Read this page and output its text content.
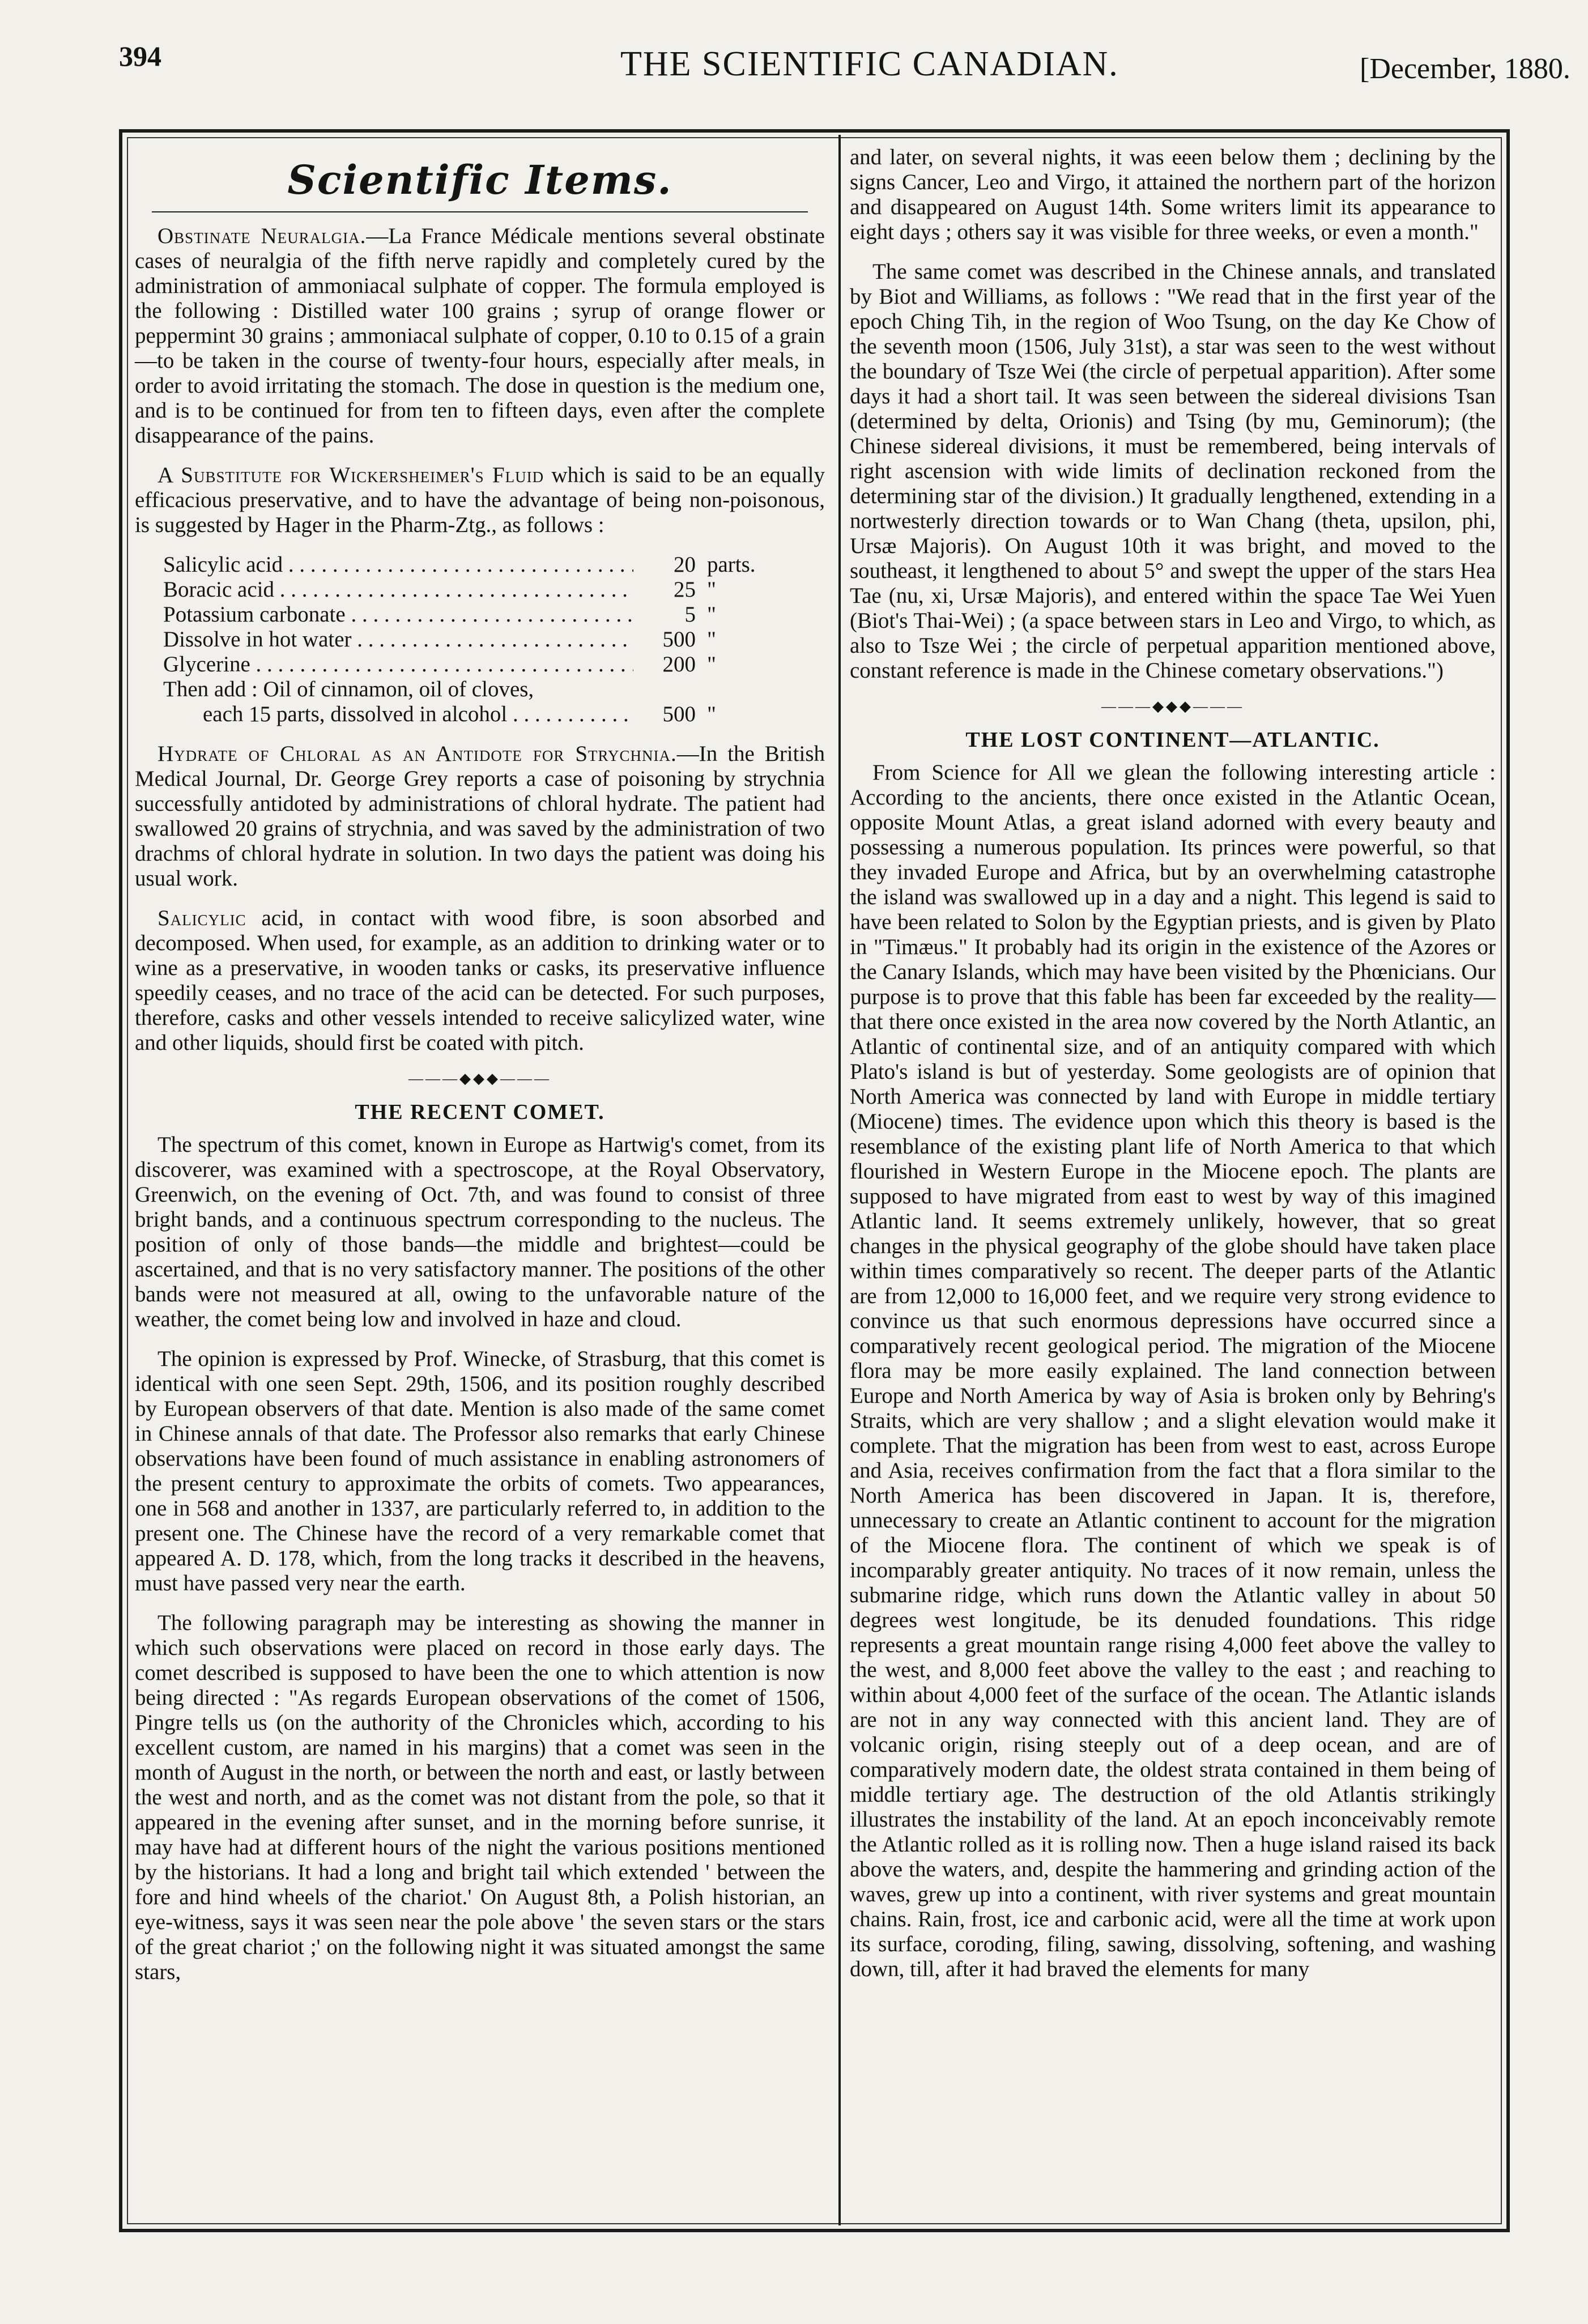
394	THE SCIENTIFIC CANADIAN.	[December, 1880.
Scientific Items.

Obstinate Neuralgia.—La France Médicale mentions several obstinate cases of neuralgia of the fifth nerve rapidly and completely cured by the administration of ammoniacal sulphate of copper. The formula employed is the following : Distilled water 100 grains ; syrup of orange flower or peppermint 30 grains ; ammoniacal sulphate of copper, 0.10 to 0.15 of a grain —to be taken in the course of twenty-four hours, especially after meals, in order to avoid irritating the stomach. The dose in question is the medium one, and is to be continued for from ten to fifteen days, even after the complete disappearance of the pains.

A Substitute for Wickersheimer's Fluid which is said to be an equally efficacious preservative, and to have the advantage of being non-poisonous, is suggested by Hager in the Pharm-Ztg., as follows :

Salicylic acid . . .	20 parts.
Boracic acid . . .	25 "
Potassium carbonate . . .	5 "
Dissolve in hot water . . .	500 "
Glycerine . . .	200 "
Then add : Oil of cinnamon, oil of cloves,
each 15 parts, dissolved in alcohol . . .	500 "

Hydrate of Chloral as an Antidote for Strychnia.—In the British Medical Journal, Dr. George Grey reports a case of poisoning by strychnia successfully antidoted by administrations of chloral hydrate. The patient had swallowed 20 grains of strychnia, and was saved by the administration of two drachms of chloral hydrate in solution. In two days the patient was doing his usual work.

Salicylic acid, in contact with wood fibre, is soon absorbed and decomposed. When used, for example, as an addition to drinking water or to wine as a preservative, in wooden tanks or casks, its preservative influence speedily ceases, and no trace of the acid can be detected. For such purposes, therefore, casks and other vessels intended to receive salicylized water, wine and other liquids, should first be coated with pitch.

———◆◆◆———
THE RECENT COMET.

The spectrum of this comet, known in Europe as Hartwig's comet, from its discoverer, was examined with a spectroscope, at the Royal Observatory, Greenwich, on the evening of Oct. 7th, and was found to consist of three bright bands, and a continuous spectrum corresponding to the nucleus. The position of only of those bands—the middle and brightest—could be ascertained, and that is no very satisfactory manner. The positions of the other bands were not measured at all, owing to the unfavorable nature of the weather, the comet being low and involved in haze and cloud.

The opinion is expressed by Prof. Winecke, of Strasburg, that this comet is identical with one seen Sept. 29th, 1506, and its position roughly described by European observers of that date. Mention is also made of the same comet in Chinese annals of that date. The Professor also remarks that early Chinese observations have been found of much assistance in enabling astronomers of the present century to approximate the orbits of comets. Two appearances, one in 568 and another in 1337, are particularly referred to, in addition to the present one. The Chinese have the record of a very remarkable comet that appeared A. D. 178, which, from the long tracks it described in the heavens, must have passed very near the earth.

The following paragraph may be interesting as showing the manner in which such observations were placed on record in those early days. The comet described is supposed to have been the one to which attention is now being directed : "As regards European observations of the comet of 1506, Pingre tells us (on the authority of the Chronicles which, according to his excellent custom, are named in his margins) that a comet was seen in the month of August in the north, or between the north and east, or lastly between the west and north, and as the comet was not distant from the pole, so that it appeared in the evening after sunset, and in the morning before sunrise, it may have had at different hours of the night the various positions mentioned by the historians. It had a long and bright tail which extended ' between the fore and hind wheels of the chariot.' On August 8th, a Polish historian, an eye-witness, says it was seen near the pole above ' the seven stars or the stars of the great chariot ;' on the following night it was situated amongst the same stars,

and later, on several nights, it was eeen below them ; declining by the signs Cancer, Leo and Virgo, it attained the northern part of the horizon and disappeared on August 14th. Some writers limit its appearance to eight days ; others say it was visible for three weeks, or even a month."

The same comet was described in the Chinese annals, and translated by Biot and Williams, as follows : "We read that in the first year of the epoch Ching Tih, in the region of Woo Tsung, on the day Ke Chow of the seventh moon (1506, July 31st), a star was seen to the west without the boundary of Tsze Wei (the circle of perpetual apparition). After some days it had a short tail. It was seen between the sidereal divisions Tsan (determined by delta, Orionis) and Tsing (by mu, Geminorum); (the Chinese sidereal divisions, it must be remembered, being intervals of right ascension with wide limits of declination reckoned from the determining star of the division.) It gradually lengthened, extending in a nortwesterly direction towards or to Wan Chang (theta, upsilon, phi, Ursæ Majoris). On August 10th it was bright, and moved to the southeast, it lengthened to about 5° and swept the upper of the stars Hea Tae (nu, xi, Ursæ Majoris), and entered within the space Tae Wei Yuen (Biot's Thai-Wei) ; (a space between stars in Leo and Virgo, to which, as also to Tsze Wei ; the circle of perpetual apparition mentioned above, constant reference is made in the Chinese cometary observations.")

———◆◆◆———
THE LOST CONTINENT—ATLANTIC.

From Science for All we glean the following interesting article : According to the ancients, there once existed in the Atlantic Ocean, opposite Mount Atlas, a great island adorned with every beauty and possessing a numerous population. Its princes were powerful, so that they invaded Europe and Africa, but by an overwhelming catastrophe the island was swallowed up in a day and a night. This legend is said to have been related to Solon by the Egyptian priests, and is given by Plato in "Timæus." It probably had its origin in the existence of the Azores or the Canary Islands, which may have been visited by the Phœnicians. Our purpose is to prove that this fable has been far exceeded by the reality—that there once existed in the area now covered by the North Atlantic, an Atlantic of continental size, and of an antiquity compared with which Plato's island is but of yesterday. Some geologists are of opinion that North America was connected by land with Europe in middle tertiary (Miocene) times. The evidence upon which this theory is based is the resemblance of the existing plant life of North America to that which flourished in Western Europe in the Miocene epoch. The plants are supposed to have migrated from east to west by way of this imagined Atlantic land. It seems extremely unlikely, however, that so great changes in the physical geography of the globe should have taken place within times comparatively so recent. The deeper parts of the Atlantic are from 12,000 to 16,000 feet, and we require very strong evidence to convince us that such enormous depressions have occurred since a comparatively recent geological period. The migration of the Miocene flora may be more easily explained. The land connection between Europe and North America by way of Asia is broken only by Behring's Straits, which are very shallow ; and a slight elevation would make it complete. That the migration has been from west to east, across Europe and Asia, receives confirmation from the fact that a flora similar to the North America has been discovered in Japan. It is, therefore, unnecessary to create an Atlantic continent to account for the migration of the Miocene flora. The continent of which we speak is of incomparably greater antiquity. No traces of it now remain, unless the submarine ridge, which runs down the Atlantic valley in about 50 degrees west longitude, be its denuded foundations. This ridge represents a great mountain range rising 4,000 feet above the valley to the west, and 8,000 feet above the valley to the east ; and reaching to within about 4,000 feet of the surface of the ocean. The Atlantic islands are not in any way connected with this ancient land. They are of volcanic origin, rising steeply out of a deep ocean, and are of comparatively modern date, the oldest strata contained in them being of middle tertiary age. The destruction of the old Atlantis strikingly illustrates the instability of the land. At an epoch inconceivably remote the Atlantic rolled as it is rolling now. Then a huge island raised its back above the waters, and, despite the hammering and grinding action of the waves, grew up into a continent, with river systems and great mountain chains. Rain, frost, ice and carbonic acid, were all the time at work upon its surface, coroding, filing, sawing, dissolving, softening, and washing down, till, after it had braved the elements for many
